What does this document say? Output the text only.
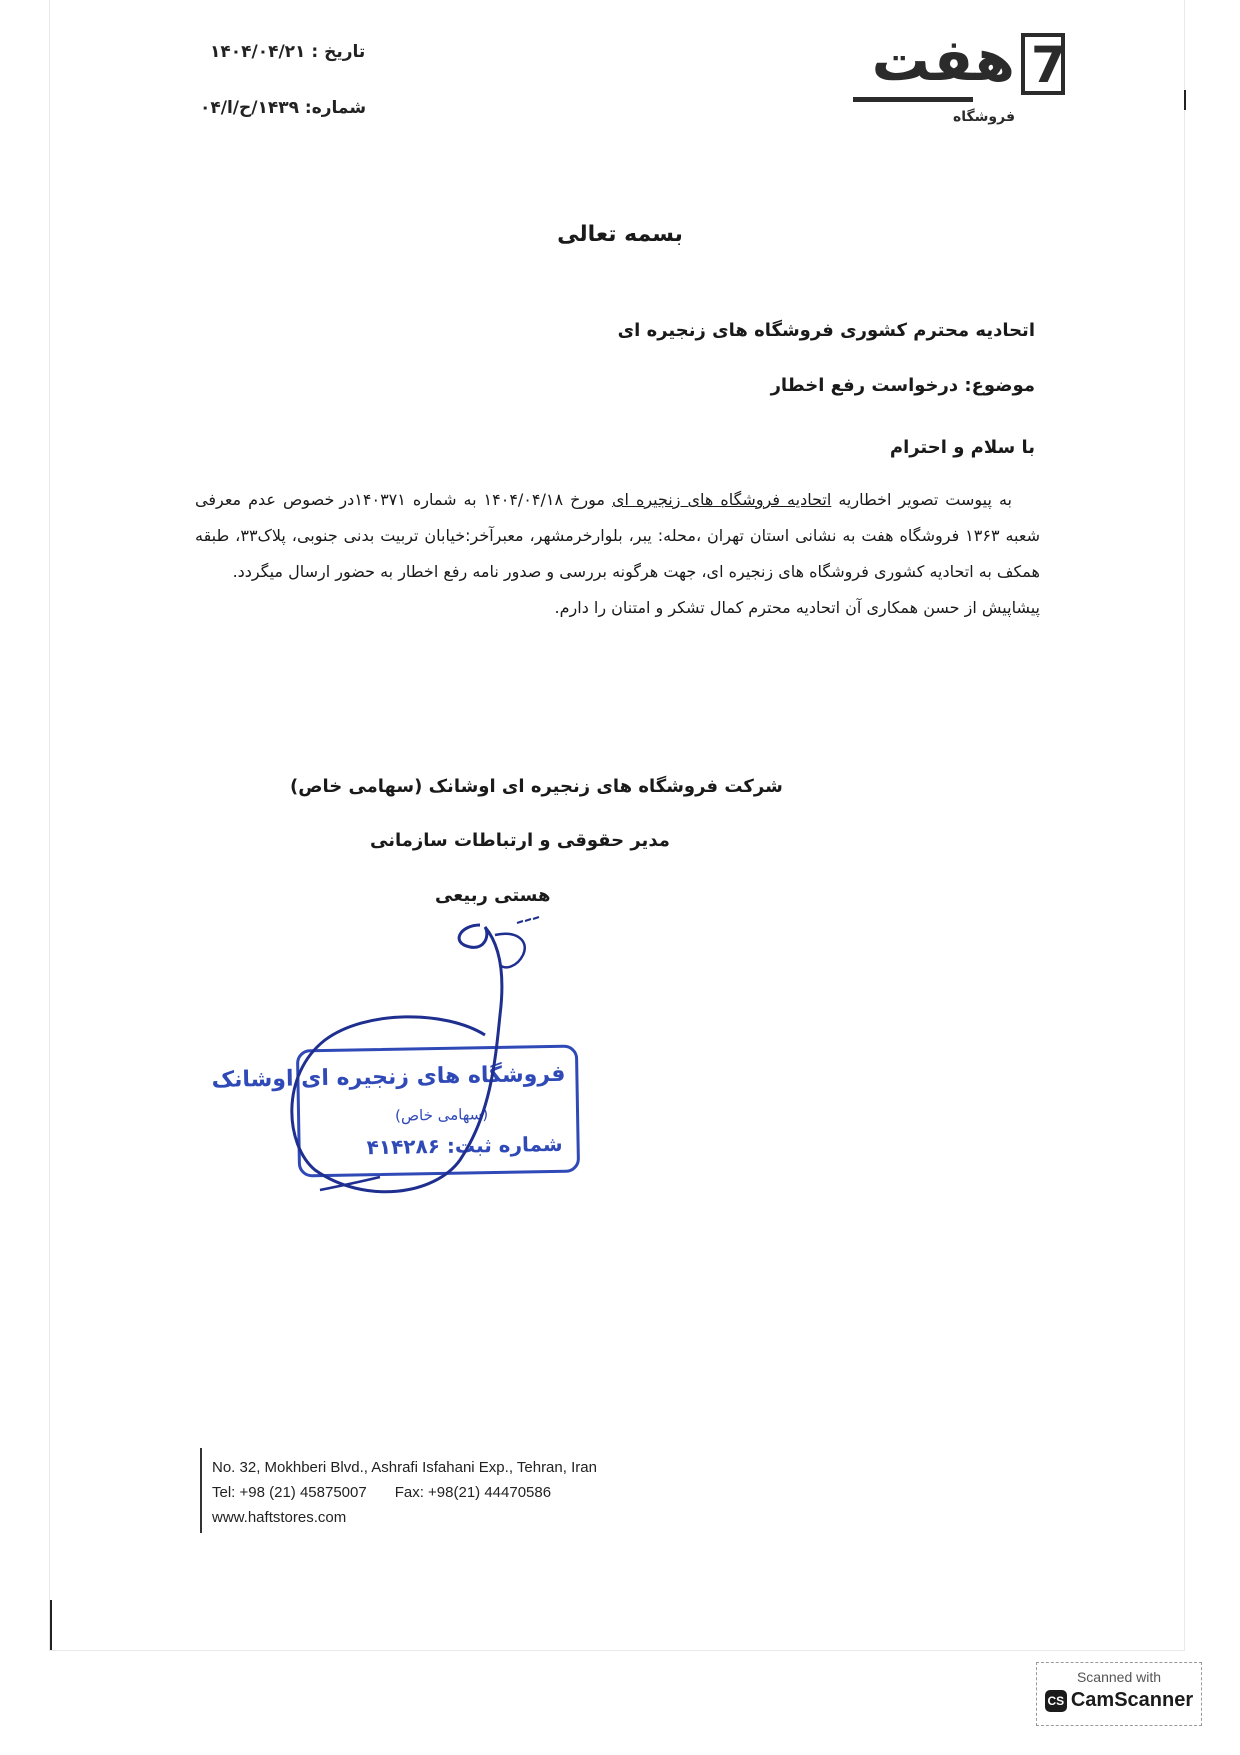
هفت 7
فروشگاه
تاریخ : ۱۴۰۴/۰۴/۲۱
شماره: ۱۴۳۹/ح/ا/۰۴
بسمه تعالی
اتحادیه محترم کشوری فروشگاه های زنجیره ای
موضوع: درخواست رفع اخطار
با سلام و احترام

به پیوست تصویر اخطاریه اتحادیه فروشگاه های زنجیره ای مورخ ۱۴۰۴/۰۴/۱۸ به شماره ۱۴۰۳۷۱در خصوص عدم معرفی شعبه ۱۳۶۳ فروشگاه هفت به نشانی استان تهران ،محله: یبر، بلوارخرمشهر، معبرآخر:خیابان تربیت بدنی جنوبی، پلاک۳۳، طبقه همکف به اتحادیه کشوری فروشگاه های زنجیره ای، جهت هرگونه بررسی و صدور نامه رفع اخطار به حضور ارسال میگردد.

پیشاپیش از حسن همکاری آن اتحادیه محترم کمال تشکر و امتنان را دارم.

شرکت فروشگاه های زنجیره ای اوشانک (سهامی خاص)
مدیر حقوقی و ارتباطات سازمانی
هستی ربیعی
فروشگاه های زنجیره ای اوشانک
(سهامی خاص)
شماره ثبت: ۴۱۴۲۸۶
No. 32, Mokhberi Blvd., Ashrafi Isfahani Exp., Tehran, Iran
Tel: +98 (21) 45875007 Fax: +98(21) 44470586
www.haftstores.com
Scanned with
CS CamScanner
